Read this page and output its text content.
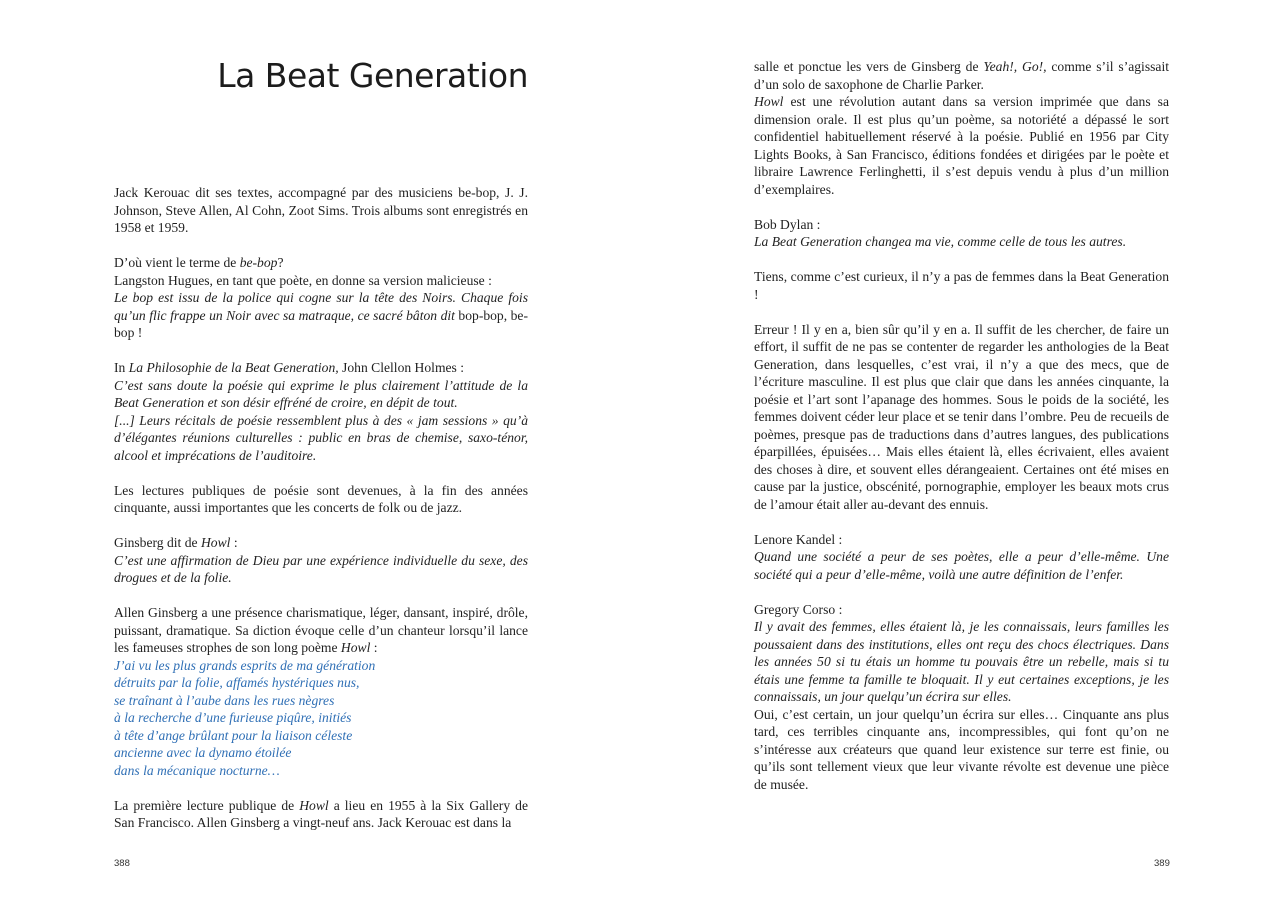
La Beat Generation

Jack Kerouac dit ses textes, accompagné par des musiciens be-bop, J. J. Johnson, Steve Allen, Al Cohn, Zoot Sims. Trois albums sont enregistrés en 1958 et 1959.

D’où vient le terme de be-bop?
Langston Hugues, en tant que poète, en donne sa version malicieuse :
Le bop est issu de la police qui cogne sur la tête des Noirs. Chaque fois qu’un flic frappe un Noir avec sa matraque, ce sacré bâton dit bop-bop, be-bop !

In La Philosophie de la Beat Generation, John Clellon Holmes :
C’est sans doute la poésie qui exprime le plus clairement l’attitude de la Beat Generation et son désir effréné de croire, en dépit de tout.
[...] Leurs récitals de poésie ressemblent plus à des « jam sessions » qu’à d’élégantes réunions culturelles : public en bras de chemise, saxo-ténor, alcool et imprécations de l’auditoire.

Les lectures publiques de poésie sont devenues, à la fin des années cinquante, aussi importantes que les concerts de folk ou de jazz.

Ginsberg dit de Howl :
C’est une affirmation de Dieu par une expérience individuelle du sexe, des drogues et de la folie.

Allen Ginsberg a une présence charismatique, léger, dansant, inspiré, drôle, puissant, dramatique. Sa diction évoque celle d’un chanteur lorsqu’il lance les fameuses strophes de son long poème Howl :
J’ai vu les plus grands esprits de ma génération
détruits par la folie, affamés hystériques nus,
se traînant à l’aube dans les rues nègres
à la recherche d’une furieuse piqûre, initiés
à tête d’ange brûlant pour la liaison céleste
ancienne avec la dynamo étoilée
dans la mécanique nocturne…

La première lecture publique de Howl a lieu en 1955 à la Six Gallery de San Francisco. Allen Ginsberg a vingt-neuf ans. Jack Kerouac est dans la

388

salle et ponctue les vers de Ginsberg de Yeah!, Go!, comme s’il s’agissait d’un solo de saxophone de Charlie Parker.
Howl est une révolution autant dans sa version imprimée que dans sa dimension orale. Il est plus qu’un poème, sa notoriété a dépassé le sort confidentiel habituellement réservé à la poésie. Publié en 1956 par City Lights Books, à San Francisco, éditions fondées et dirigées par le poète et libraire Lawrence Ferlinghetti, il s’est depuis vendu à plus d’un million d’exemplaires.

Bob Dylan :
La Beat Generation changea ma vie, comme celle de tous les autres.

Tiens, comme c’est curieux, il n’y a pas de femmes dans la Beat Generation !

Erreur ! Il y en a, bien sûr qu’il y en a. Il suffit de les chercher, de faire un effort, il suffit de ne pas se contenter de regarder les anthologies de la Beat Generation, dans lesquelles, c’est vrai, il n’y a que des mecs, que de l’écriture masculine. Il est plus que clair que dans les années cinquante, la poésie et l’art sont l’apanage des hommes. Sous le poids de la société, les femmes doivent céder leur place et se tenir dans l’ombre. Peu de recueils de poèmes, presque pas de traductions dans d’autres langues, des publications éparpillées, épuisées… Mais elles étaient là, elles écrivaient, elles avaient des choses à dire, et souvent elles dérangeaient. Certaines ont été mises en cause par la justice, obscénité, pornographie, employer les beaux mots crus de l’amour était aller au-devant des ennuis.

Lenore Kandel :
Quand une société a peur de ses poètes, elle a peur d’elle-même. Une société qui a peur d’elle-même, voilà une autre définition de l’enfer.

Gregory Corso :
Il y avait des femmes, elles étaient là, je les connaissais, leurs familles les poussaient dans des institutions, elles ont reçu des chocs électriques. Dans les années 50 si tu étais un homme tu pouvais être un rebelle, mais si tu étais une femme ta famille te bloquait. Il y eut certaines exceptions, je les connaissais, un jour quelqu’un écrira sur elles.
Oui, c’est certain, un jour quelqu’un écrira sur elles… Cinquante ans plus tard, ces terribles cinquante ans, incompressibles, qui font qu’on ne s’intéresse aux créateurs que quand leur existence sur terre est finie, ou qu’ils sont tellement vieux que leur vivante révolte est devenue une pièce de musée.

389
